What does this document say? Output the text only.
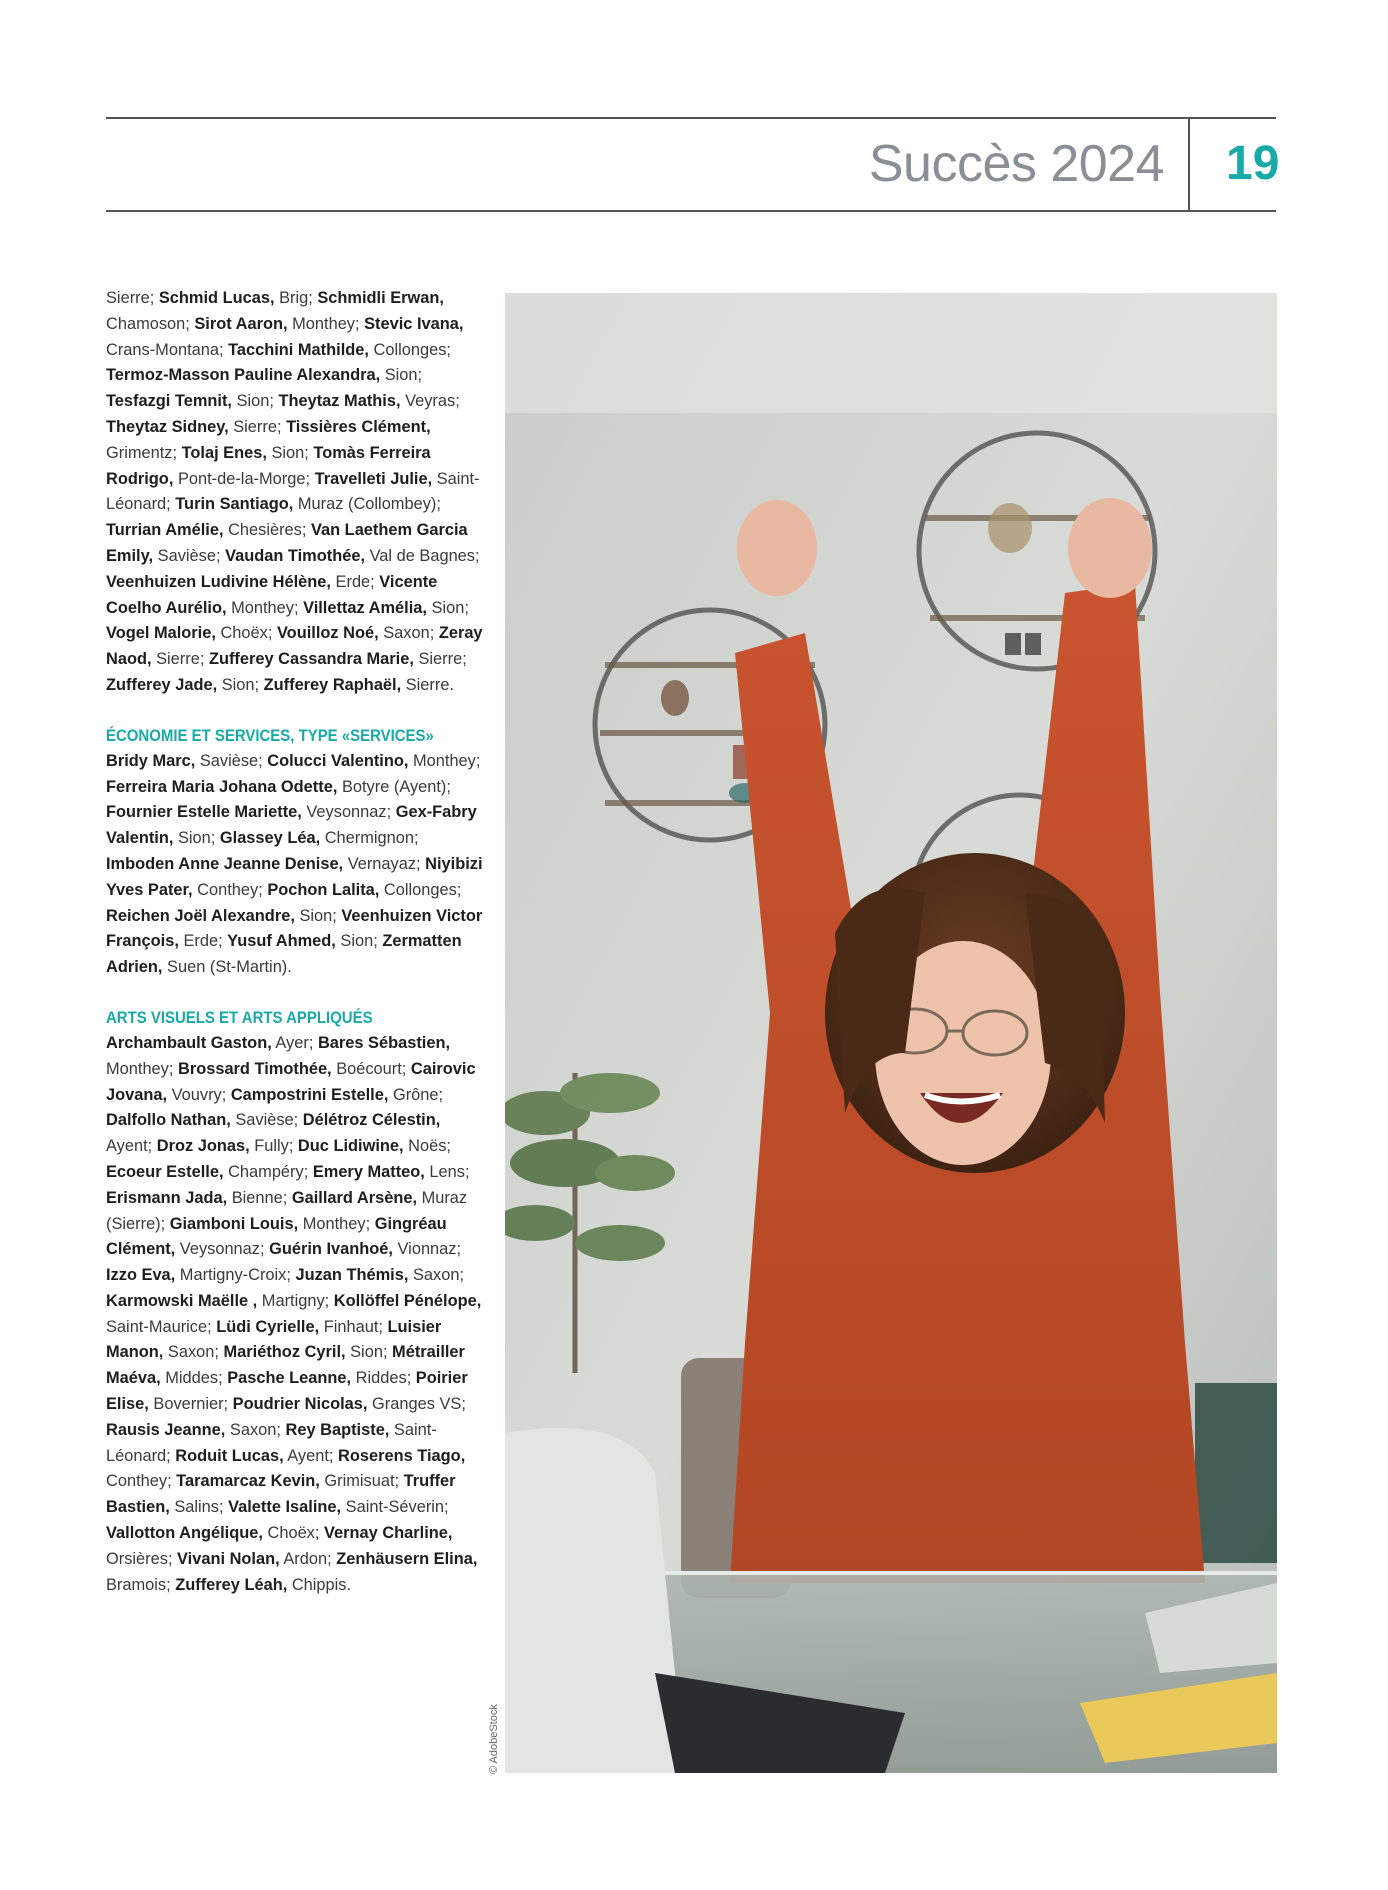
Succès 2024 19

Sierre; Schmid Lucas, Brig; Schmidli Erwan, Chamoson; Sirot Aaron, Monthey; Stevic Ivana, Crans-Montana; Tacchini Mathilde, Collonges; Termoz-Masson Pauline Alexandra, Sion; Tesfazgi Temnit, Sion; Theytaz Mathis, Veyras; Theytaz Sidney, Sierre; Tissières Clément, Grimentz; Tolaj Enes, Sion; Tomàs Ferreira Rodrigo, Pont-de-la-Morge; Travelleti Julie, Saint-Léonard; Turin Santiago, Muraz (Collombey); Turrian Amélie, Chesières; Van Laethem Garcia Emily, Savièse; Vaudan Timothée, Val de Bagnes; Veenhuizen Ludivine Hélène, Erde; Vicente Coelho Aurélio, Monthey; Villettaz Amélia, Sion; Vogel Malorie, Choëx; Vouilloz Noé, Saxon; Zeray Naod, Sierre; Zufferey Cassandra Marie, Sierre; Zufferey Jade, Sion; Zufferey Raphaël, Sierre.

ÉCONOMIE ET SERVICES, TYPE «SERVICES»

Bridy Marc, Savièse; Colucci Valentino, Monthey; Ferreira Maria Johana Odette, Botyre (Ayent); Fournier Estelle Mariette, Veysonnaz; Gex-Fabry Valentin, Sion; Glassey Léa, Chermignon; Imboden Anne Jeanne Denise, Vernayaz; Niyibizi Yves Pater, Conthey; Pochon Lalita, Collonges; Reichen Joël Alexandre, Sion; Veenhuizen Victor François, Erde; Yusuf Ahmed, Sion; Zermatten Adrien, Suen (St-Martin).

ARTS VISUELS ET ARTS APPLIQUÉS

Archambault Gaston, Ayer; Bares Sébastien, Monthey; Brossard Timothée, Boécourt; Cairovic Jovana, Vouvry; Campostrini Estelle, Grône; Dalfollo Nathan, Savièse; Délétroz Célestin, Ayent; Droz Jonas, Fully; Duc Lidiwine, Noës; Ecoeur Estelle, Champéry; Emery Matteo, Lens; Erismann Jada, Bienne; Gaillard Arsène, Muraz (Sierre); Giamboni Louis, Monthey; Gingréau Clément, Veysonnaz; Guérin Ivanhoé, Vionnaz; Izzo Eva, Martigny-Croix; Juzan Thémis, Saxon; Karmowski Maëlle , Martigny; Kollöffel Pénélope, Saint-Maurice; Lüdi Cyrielle, Finhaut; Luisier Manon, Saxon; Mariéthoz Cyril, Sion; Métrailler Maéva, Middes; Pasche Leanne, Riddes; Poirier Elise, Bovernier; Poudrier Nicolas, Granges VS; Rausis Jeanne, Saxon; Rey Baptiste, Saint-Léonard; Roduit Lucas, Ayent; Roserens Tiago, Conthey; Taramarcaz Kevin, Grimisuat; Truffer Bastien, Salins; Valette Isaline, Saint-Séverin; Vallotton Angélique, Choëx; Vernay Charline, Orsières; Vivani Nolan, Ardon; Zenhäusern Elina, Bramois; Zufferey Léah, Chippis.

© AdobeStock
